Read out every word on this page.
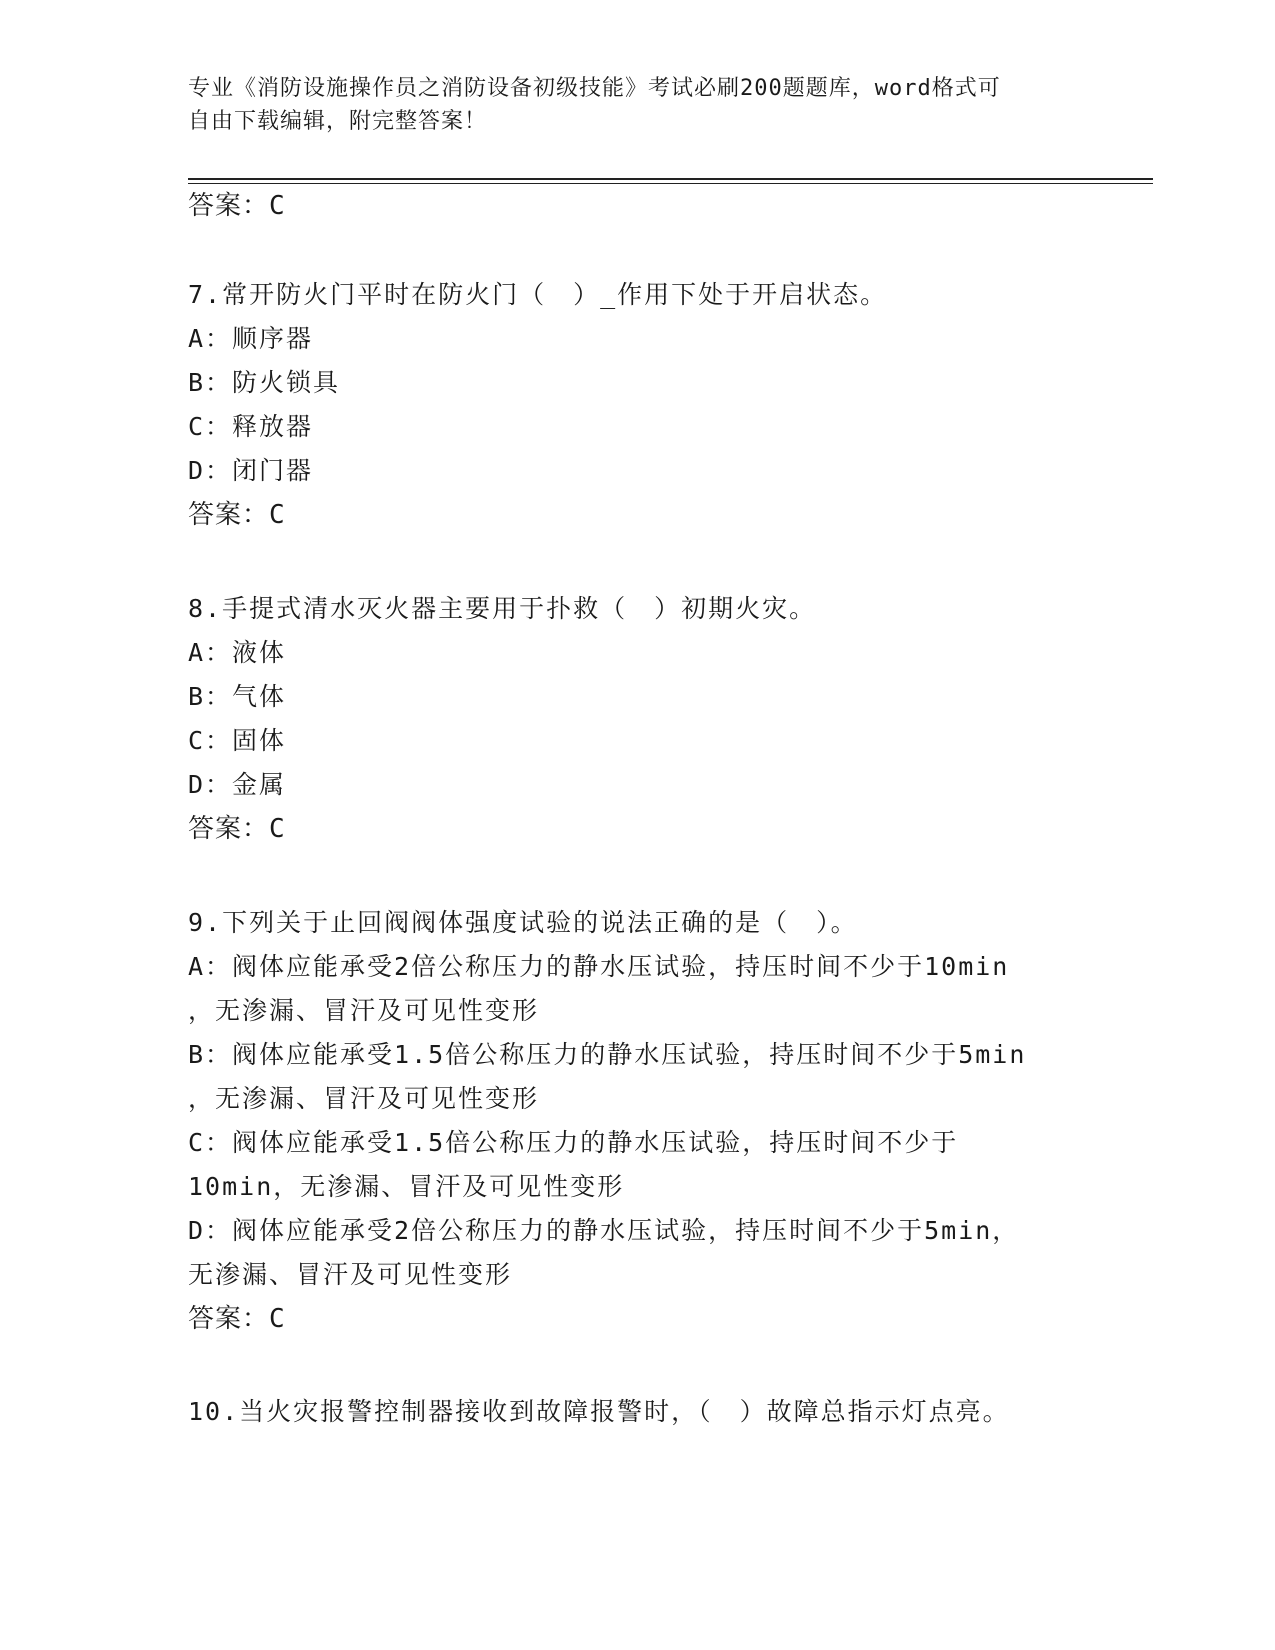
专业《消防设施操作员之消防设备初级技能》考试必刷200题题库，word格式可
自由下载编辑，附完整答案！
答案：C
7.常开防火门平时在防火门（　）_作用下处于开启状态。
A：顺序器
B：防火锁具
C：释放器
D：闭门器
答案：C
8.手提式清水灭火器主要用于扑救（　）初期火灾。
A：液体
B：气体
C：固体
D：金属
答案：C
9.下列关于止回阀阀体强度试验的说法正确的是（　）。
A：阀体应能承受2倍公称压力的静水压试验，持压时间不少于10min
，无渗漏、冒汗及可见性变形
B：阀体应能承受1.5倍公称压力的静水压试验，持压时间不少于5min
，无渗漏、冒汗及可见性变形
C：阀体应能承受1.5倍公称压力的静水压试验，持压时间不少于
10min，无渗漏、冒汗及可见性变形
D：阀体应能承受2倍公称压力的静水压试验，持压时间不少于5min，
无渗漏、冒汗及可见性变形
答案：C
10.当火灾报警控制器接收到故障报警时，（　）故障总指示灯点亮。
